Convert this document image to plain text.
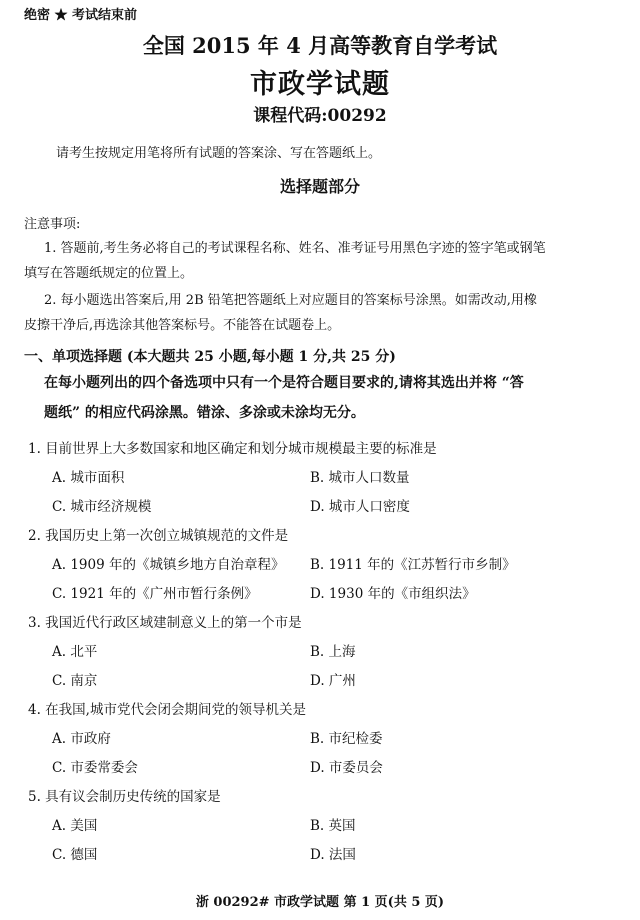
绝密 ★ 考试结束前
全国 2015 年 4 月高等教育自学考试
市政学试题
课程代码:00292
请考生按规定用笔将所有试题的答案涂、写在答题纸上。
选择题部分
注意事项:
1. 答题前,考生务必将自己的考试课程名称、姓名、准考证号用黑色字迹的签字笔或钢笔
填写在答题纸规定的位置上。
2. 每小题选出答案后,用 2B 铅笔把答题纸上对应题目的答案标号涂黑。如需改动,用橡
皮擦干净后,再选涂其他答案标号。不能答在试题卷上。
一、单项选择题 (本大题共 25 小题,每小题 1 分,共 25 分)
在每小题列出的四个备选项中只有一个是符合题目要求的,请将其选出并将 “答
题纸” 的相应代码涂黑。错涂、多涂或未涂均无分。
1. 目前世界上大多数国家和地区确定和划分城市规模最主要的标准是
A. 城市面积	B. 城市人口数量
C. 城市经济规模	D. 城市人口密度
2. 我国历史上第一次创立城镇规范的文件是
A. 1909 年的《城镇乡地方自治章程》 B. 1911 年的《江苏暂行市乡制》
C. 1921 年的《广州市暂行条例》	D. 1930 年的《市组织法》
3. 我国近代行政区域建制意义上的第一个市是
A. 北平	B. 上海
C. 南京	D. 广州
4. 在我国,城市党代会闭会期间党的领导机关是
A. 市政府	B. 市纪检委
C. 市委常委会	D. 市委员会
5. 具有议会制历史传统的国家是
A. 美国	B. 英国
C. 德国	D. 法国
浙 00292# 市政学试题 第 1 页(共 5 页)
